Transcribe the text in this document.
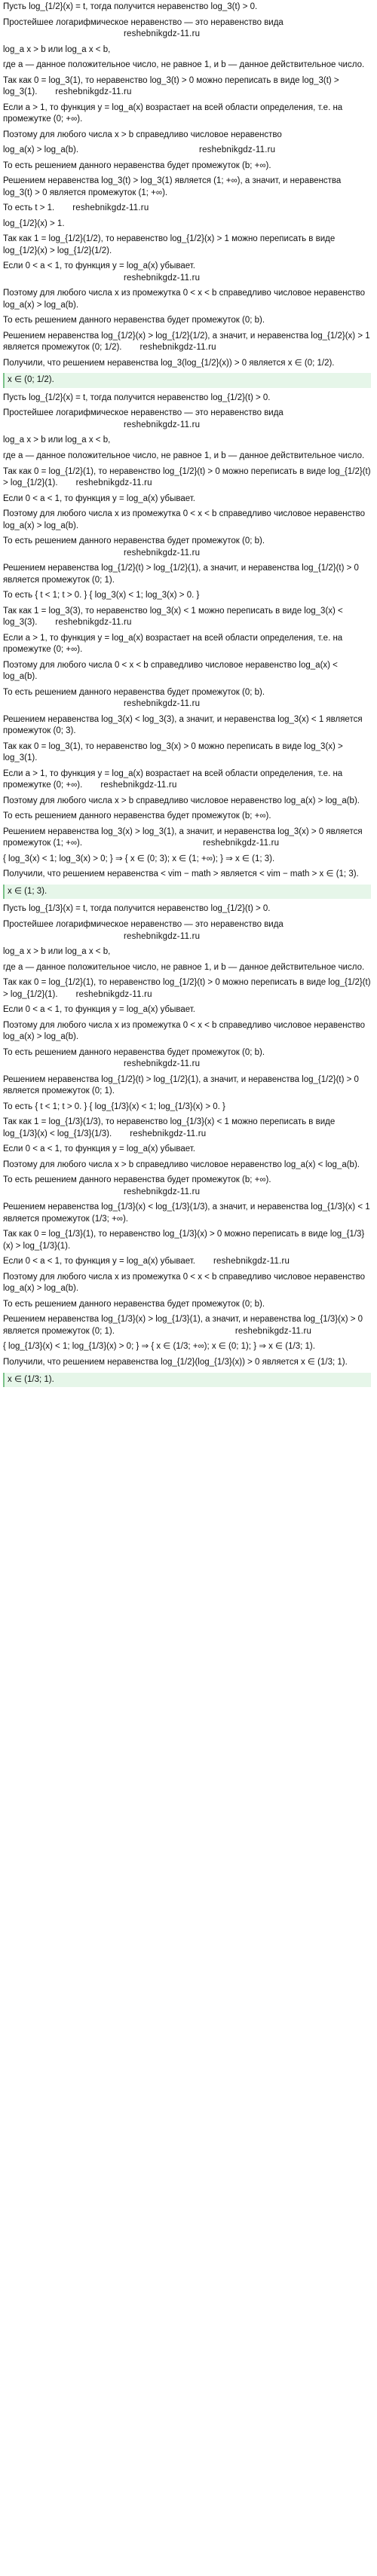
Пусть log_{1/2}(x) = t, тогда получится неравенство log_3(t) > 0.
Простейшее логарифмическое неравенство — это неравенство видаreshebnikgdz-11.ru
log_a x > b или log_a x < b,
где a — данное положительное число, не равное 1, и b — данное действительное число.
Так как 0 = log_3(1), то неравенство log_3(t) > 0 можно переписать в виде log_3(t) > log_3(1). reshebnikgdz-11.ru
Если a > 1, то функция y = log_a(x) возрастает на всей области определения, т.е. на промежутке (0; +∞).
Поэтому для любого числа x > b справедливо числовое неравенство
log_a(x) > log_a(b).	reshebnikgdz-11.ru
То есть решением данного неравенства будет промежуток (b; +∞).
Решением неравенства log_3(t) > log_3(1) является (1; +∞), а значит, и неравенства log_3(t) > 0 является промежуток (1; +∞).
То есть t > 1. reshebnikgdz-11.ru
log_{1/2}(x) > 1.
Так как 1 = log_{1/2}(1/2), то неравенство log_{1/2}(x) > 1 можно переписать в виде log_{1/2}(x) > log_{1/2}(1/2).
Если 0 < a < 1, то функция y = log_a(x) убывает.reshebnikgdz-11.ru
Поэтому для любого числа x из промежутка 0 < x < b справедливо числовое неравенство log_a(x) > log_a(b).
То есть решением данного неравенства будет промежуток (0; b).
Решением неравенства log_{1/2}(x) > log_{1/2}(1/2), а значит, и неравенства log_{1/2}(x) > 1 является промежуток (0; 1/2). reshebnikgdz-11.ru
Получили, что решением неравенства log_3(log_{1/2}(x)) > 0 является x ∈ (0; 1/2).
x ∈ (0; 1/2).
Пусть log_{1/2}(x) = t, тогда получится неравенство log_{1/2}(t) > 0.
Простейшее логарифмическое неравенство — это неравенство видаreshebnikgdz-11.ru
log_a x > b или log_a x < b,
где a — данное положительное число, не равное 1, и b — данное действительное число.
Так как 0 = log_{1/2}(1), то неравенство log_{1/2}(t) > 0 можно переписать в виде log_{1/2}(t) > log_{1/2}(1). reshebnikgdz-11.ru
Если 0 < a < 1, то функция y = log_a(x) убывает.
Поэтому для любого числа x из промежутка 0 < x < b справедливо числовое неравенство log_a(x) > log_a(b).
То есть решением данного неравенства будет промежуток (0; b).reshebnikgdz-11.ru
Решением неравенства log_{1/2}(t) > log_{1/2}(1), а значит, и неравенства log_{1/2}(t) > 0 является промежуток (0; 1).
То есть { t < 1; t > 0. } { log_3(x) < 1; log_3(x) > 0. }
Так как 1 = log_3(3), то неравенство log_3(x) < 1 можно переписать в виде log_3(x) < log_3(3). reshebnikgdz-11.ru
Если a > 1, то функция y = log_a(x) возрастает на всей области определения, т.е. на промежутке (0; +∞).
Поэтому для любого числа 0 < x < b справедливо числовое неравенство log_a(x) < log_a(b).
То есть решением данного неравенства будет промежуток (0; b).reshebnikgdz-11.ru
Решением неравенства log_3(x) < log_3(3), а значит, и неравенства log_3(x) < 1 является промежуток (0; 3).
Так как 0 = log_3(1), то неравенство log_3(x) > 0 можно переписать в виде log_3(x) > log_3(1).
Если a > 1, то функция y = log_a(x) возрастает на всей области определения, т.е. на промежутке (0; +∞). reshebnikgdz-11.ru
Поэтому для любого числа x > b справедливо числовое неравенство log_a(x) > log_a(b).
То есть решением данного неравенства будет промежуток (b; +∞).
Решением неравенства log_3(x) > log_3(1), а значит, и неравенства log_3(x) > 0 является промежуток (1; +∞).	reshebnikgdz-11.ru
{ log_3(x) < 1; log_3(x) > 0; } ⇒ { x ∈ (0; 3); x ∈ (1; +∞); } ⇒ x ∈ (1; 3).
Получили, что решением неравенства < vim − math > является < vim − math > x ∈ (1; 3).
x ∈ (1; 3).
Пусть log_{1/3}(x) = t, тогда получится неравенство log_{1/2}(t) > 0.
Простейшее логарифмическое неравенство — это неравенство видаreshebnikgdz-11.ru
log_a x > b или log_a x < b,
где a — данное положительное число, не равное 1, и b — данное действительное число.
Так как 0 = log_{1/2}(1), то неравенство log_{1/2}(t) > 0 можно переписать в виде log_{1/2}(t) > log_{1/2}(1). reshebnikgdz-11.ru
Если 0 < a < 1, то функция y = log_a(x) убывает.
Поэтому для любого числа x из промежутка 0 < x < b справедливо числовое неравенство log_a(x) > log_a(b).
То есть решением данного неравенства будет промежуток (0; b).reshebnikgdz-11.ru
Решением неравенства log_{1/2}(t) > log_{1/2}(1), а значит, и неравенства log_{1/2}(t) > 0 является промежуток (0; 1).
То есть { t < 1; t > 0. } { log_{1/3}(x) < 1; log_{1/3}(x) > 0. }
Так как 1 = log_{1/3}(1/3), то неравенство log_{1/3}(x) < 1 можно переписать в виде log_{1/3}(x) < log_{1/3}(1/3). reshebnikgdz-11.ru
Если 0 < a < 1, то функция y = log_a(x) убывает.
Поэтому для любого числа x > b справедливо числовое неравенство log_a(x) < log_a(b).
То есть решением данного неравенства будет промежуток (b; +∞).reshebnikgdz-11.ru
Решением неравенства log_{1/3}(x) < log_{1/3}(1/3), а значит, и неравенства log_{1/3}(x) < 1 является промежуток (1/3; +∞).
Так как 0 = log_{1/3}(1), то неравенство log_{1/3}(x) > 0 можно переписать в виде log_{1/3}(x) > log_{1/3}(1).
Если 0 < a < 1, то функция y = log_a(x) убывает. reshebnikgdz-11.ru
Поэтому для любого числа x из промежутка 0 < x < b справедливо числовое неравенство log_a(x) > log_a(b).
То есть решением данного неравенства будет промежуток (0; b).
Решением неравенства log_{1/3}(x) > log_{1/3}(1), а значит, и неравенства log_{1/3}(x) > 0 является промежуток (0; 1).	reshebnikgdz-11.ru
{ log_{1/3}(x) < 1; log_{1/3}(x) > 0; } ⇒ { x ∈ (1/3; +∞); x ∈ (0; 1); } ⇒ x ∈ (1/3; 1).
Получили, что решением неравенства log_{1/2}(log_{1/3}(x)) > 0 является x ∈ (1/3; 1).
x ∈ (1/3; 1).
